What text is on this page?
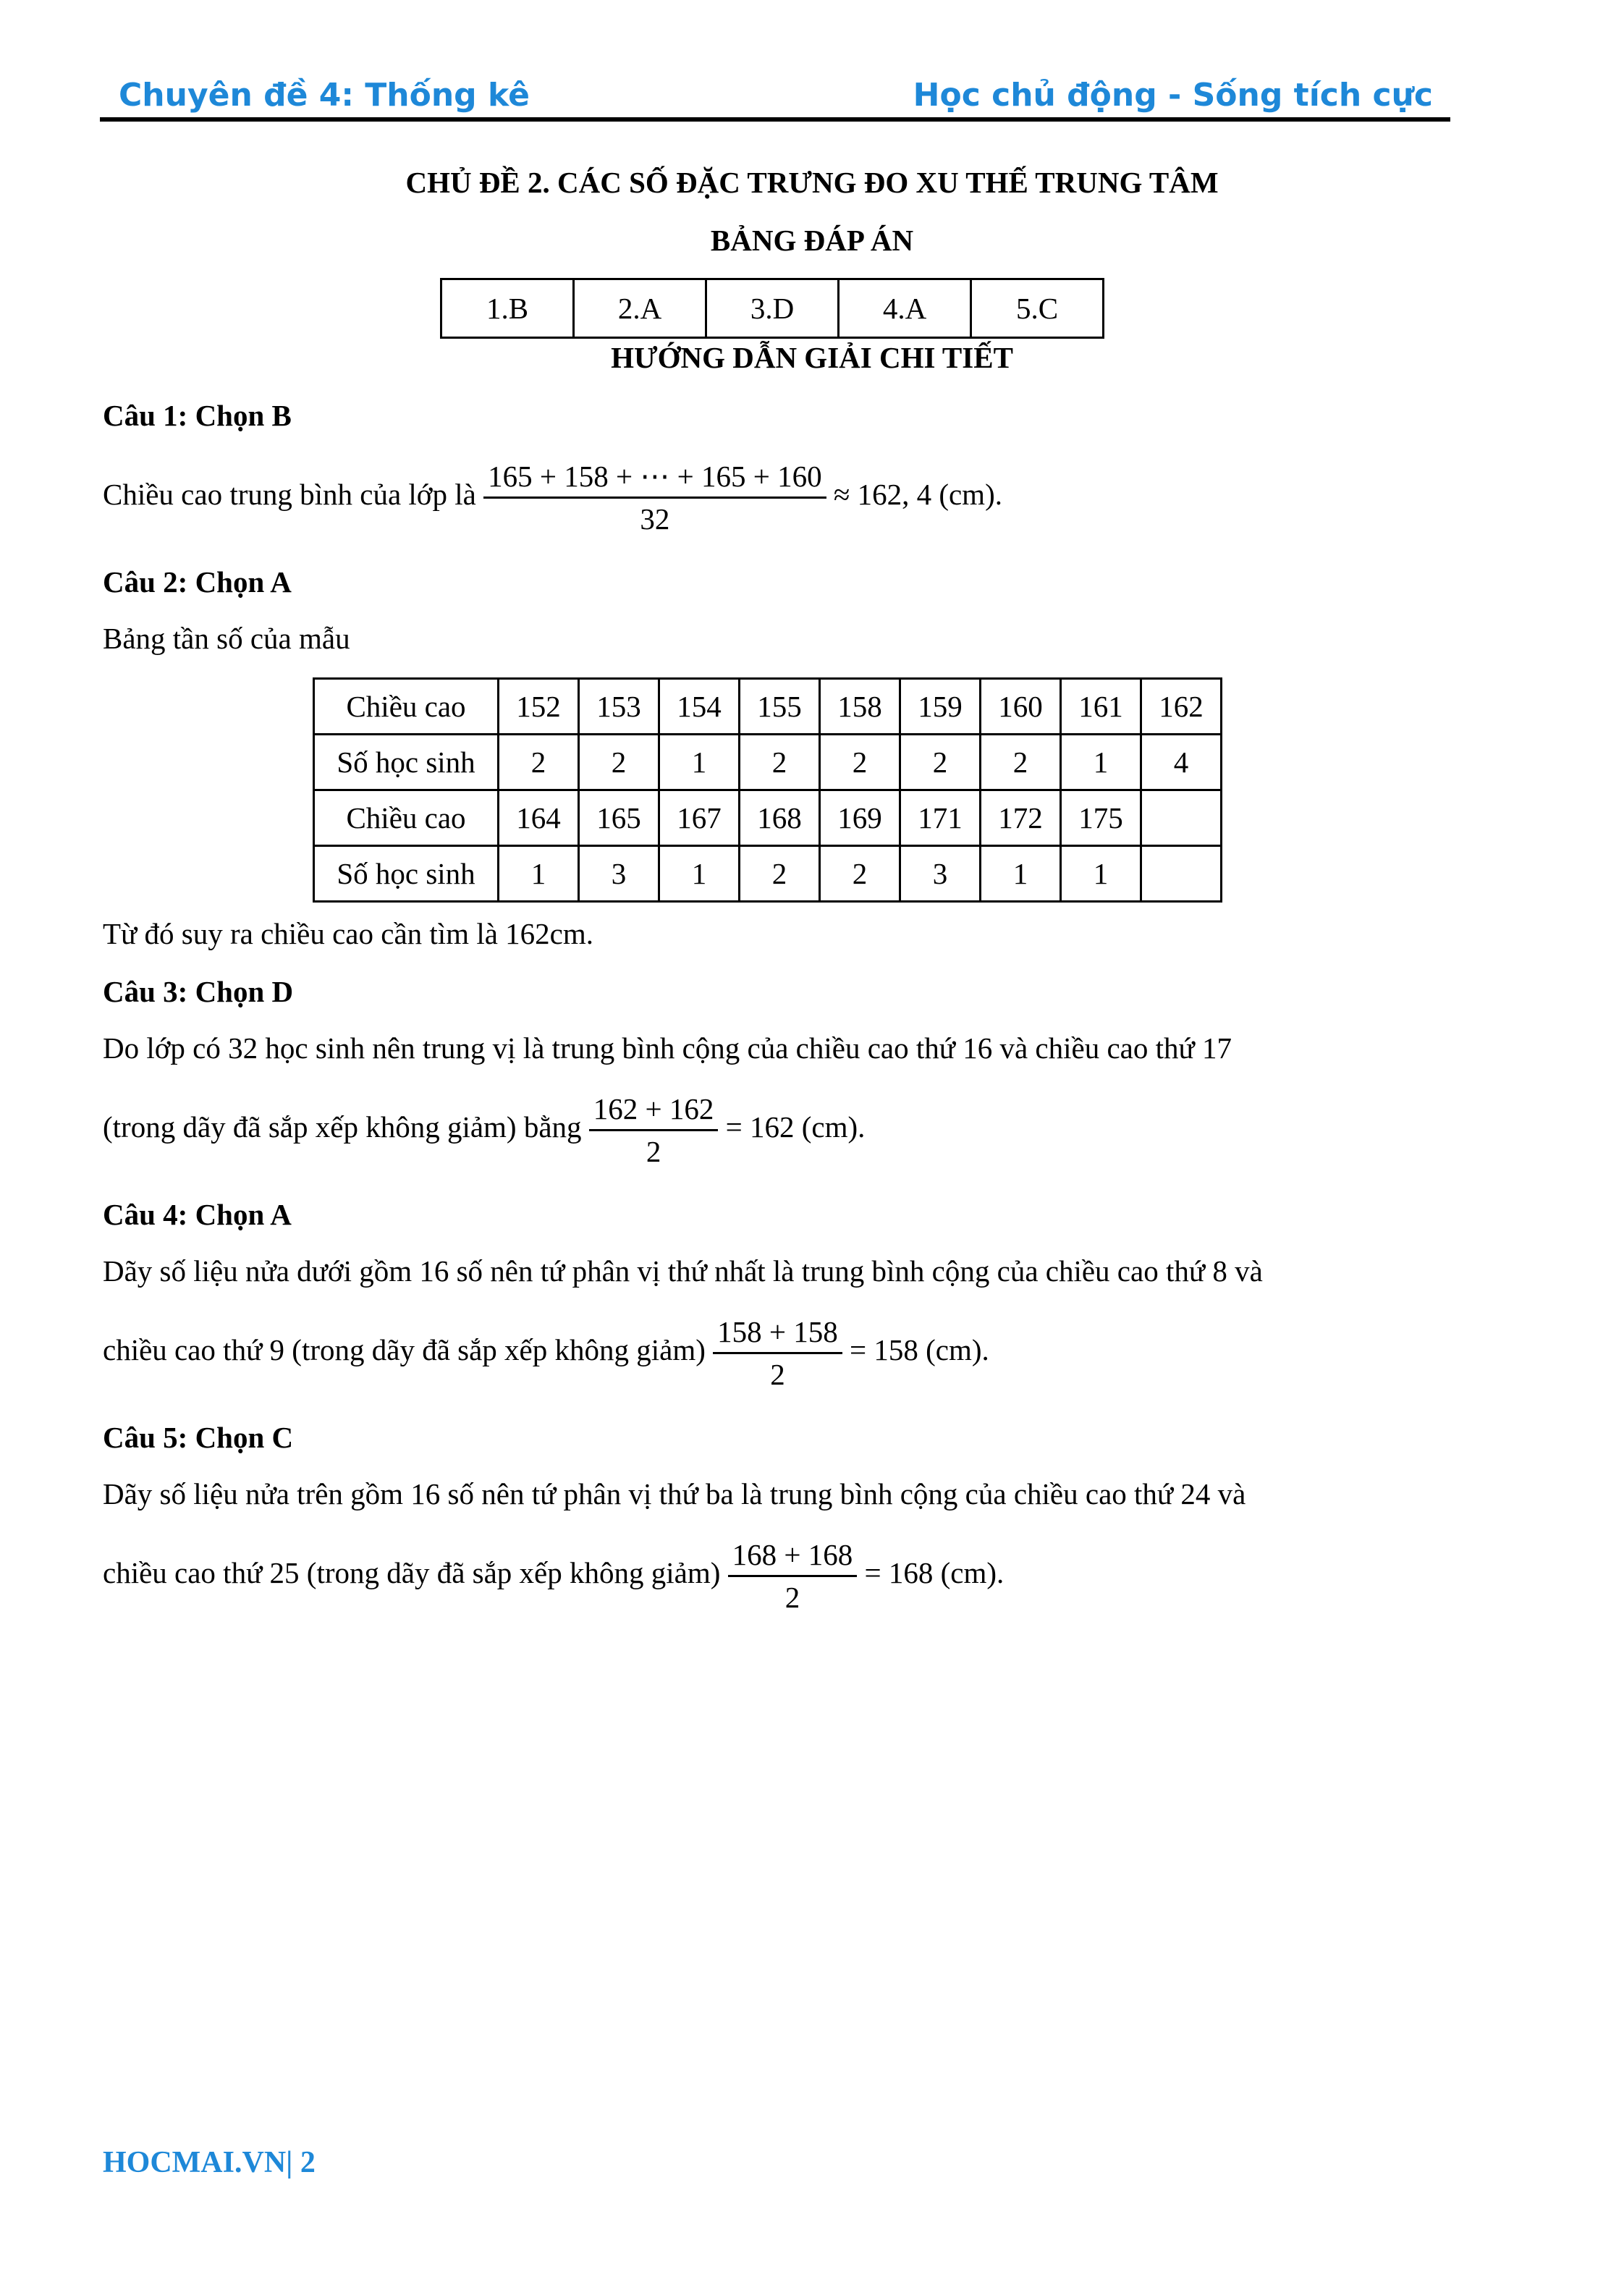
Chuyên đề 4: Thống kê	Học chủ động - Sống tích cực
CHỦ ĐỀ 2. CÁC SỐ ĐẶC TRƯNG ĐO XU THẾ TRUNG TÂM
BẢNG ĐÁP ÁN
1.B	2.A	3.D	4.A	5.C
HƯỚNG DẪN GIẢI CHI TIẾT
Câu 1: Chọn B
Chiều cao trung bình của lớp là $\frac{165 + 158 + \cdots + 165 + 160}{32} \approx 162$, 4 (cm).
Câu 2: Chọn A
Bảng tần số của mẫu
Chiều cao	152	153	154	155	158	159	160	161	162
Số học sinh	2	2	1	2	2	2	2	1	4
Chiều cao	164	165	167	168	169	171	172	175	
Số học sinh	1	3	1	2	2	3	1	1	
Từ đó suy ra chiều cao cần tìm là 162cm.
Câu 3: Chọn D
Do lớp có 32 học sinh nên trung vị là trung bình cộng của chiều cao thứ 16 và chiều cao thứ 17
(trong dãy đã sắp xếp không giảm) bằng $\frac{162 + 162}{2} = 162$ (cm).
Câu 4: Chọn A
Dãy số liệu nửa dưới gồm 16 số nên tứ phân vị thứ nhất là trung bình cộng của chiều cao thứ 8 và
chiều cao thứ 9 (trong dãy đã sắp xếp không giảm) $\frac{158 + 158}{2} = 158$ (cm).
Câu 5: Chọn C
Dãy số liệu nửa trên gồm 16 số nên tứ phân vị thứ ba là trung bình cộng của chiều cao thứ 24 và
chiều cao thứ 25 (trong dãy đã sắp xếp không giảm) $\frac{168 + 168}{2} = 168$ (cm).
HOCMAI.VN| 2
